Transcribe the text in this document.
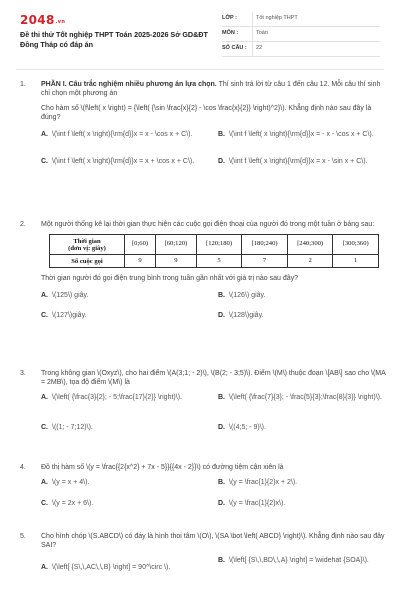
2048.vn
Đề thi thử Tốt nghiệp THPT Toán 2025-2026 Sở GD&ĐT Đồng Tháp có đáp án
LỚP :	Tốt nghiệp THPT
MÔN :	Toán
SỐ CÂU :	22
1.	PHẦN I. Câu trắc nghiệm nhiều phương án lựa chọn. Thí sinh trả lời từ câu 1 đến câu 12. Mỗi câu thí sinh chỉ chọn một phương án
Cho hàm số \(f\left( x \right) = {\left( {\sin \frac{x}{2} - \cos \frac{x}{2}} \right)^2}\). Khẳng định nào sau đây là đúng?
A. \(\int f \left( x \right){\rm{d}}x = x - \cos x + C\).	B. \(\int f \left( x \right){\rm{d}}x = - x - \cos x + C\).
C. \(\int f \left( x \right){\rm{d}}x = x + \cos x + C\).	D. \(\int f \left( x \right){\rm{d}}x = x - \sin x + C\).
2.	Một người thống kê lại thời gian thực hiện các cuộc gọi điện thoại của người đó trong một tuần ở bảng sau:
Thời gian
(đơn vị: giây)	[0;60)	[60;120)	[120;180)	[180;240)	[240;300)	[300;360)
Số cuộc gọi	9	9	5	7	2	1
Thời gian người đó gọi điện trung bình trong tuần gần nhất với giá trị nào sau đây?
A. \(125\) giây.	B. \(126\) giây.
C. \(127\)giây.	D. \(128\)giây.
3.	Trong không gian \(Oxyz\), cho hai điểm \(A(3;1; - 2)\), \(B(2; - 3;5)\). Điểm \(M\) thuộc đoạn \[AB\] sao cho \(MA = 2MB\), tọa độ điểm \(M\) là
A. \(\left( {\frac{3}{2}; - 5;\frac{17}{2}} \right)\).	B. \(\left( {\frac{7}{3}; - \frac{5}{3};\frac{8}{3}} \right)\).
C. \((1; - 7;12)\).	D. \((4;5; - 9)\).
4.	Đồ thị hàm số \(y = \frac{{2{x^2} + 7x - 5}}{{4x - 2}}\) có đường tiệm cận xiên là
A. \(y = x + 4\).	B. \(y = \frac{1}{2}x + 2\).
C. \(y = 2x + 6\).	D. \(y = \frac{1}{2}x\).
5.	Cho hình chóp \(S.ABCD\) có đáy là hình thoi tâm \(O\), \(SA \bot \left( ABCD} \right)\). Khẳng định nào sau đây SAI?
A. \(\left[ {S\,\,AC\,\,B} \right] = 90^\circ \).
B. \(\left[ {S\,\,BD\,\,A} \right] = \widehat {SOA}\).
